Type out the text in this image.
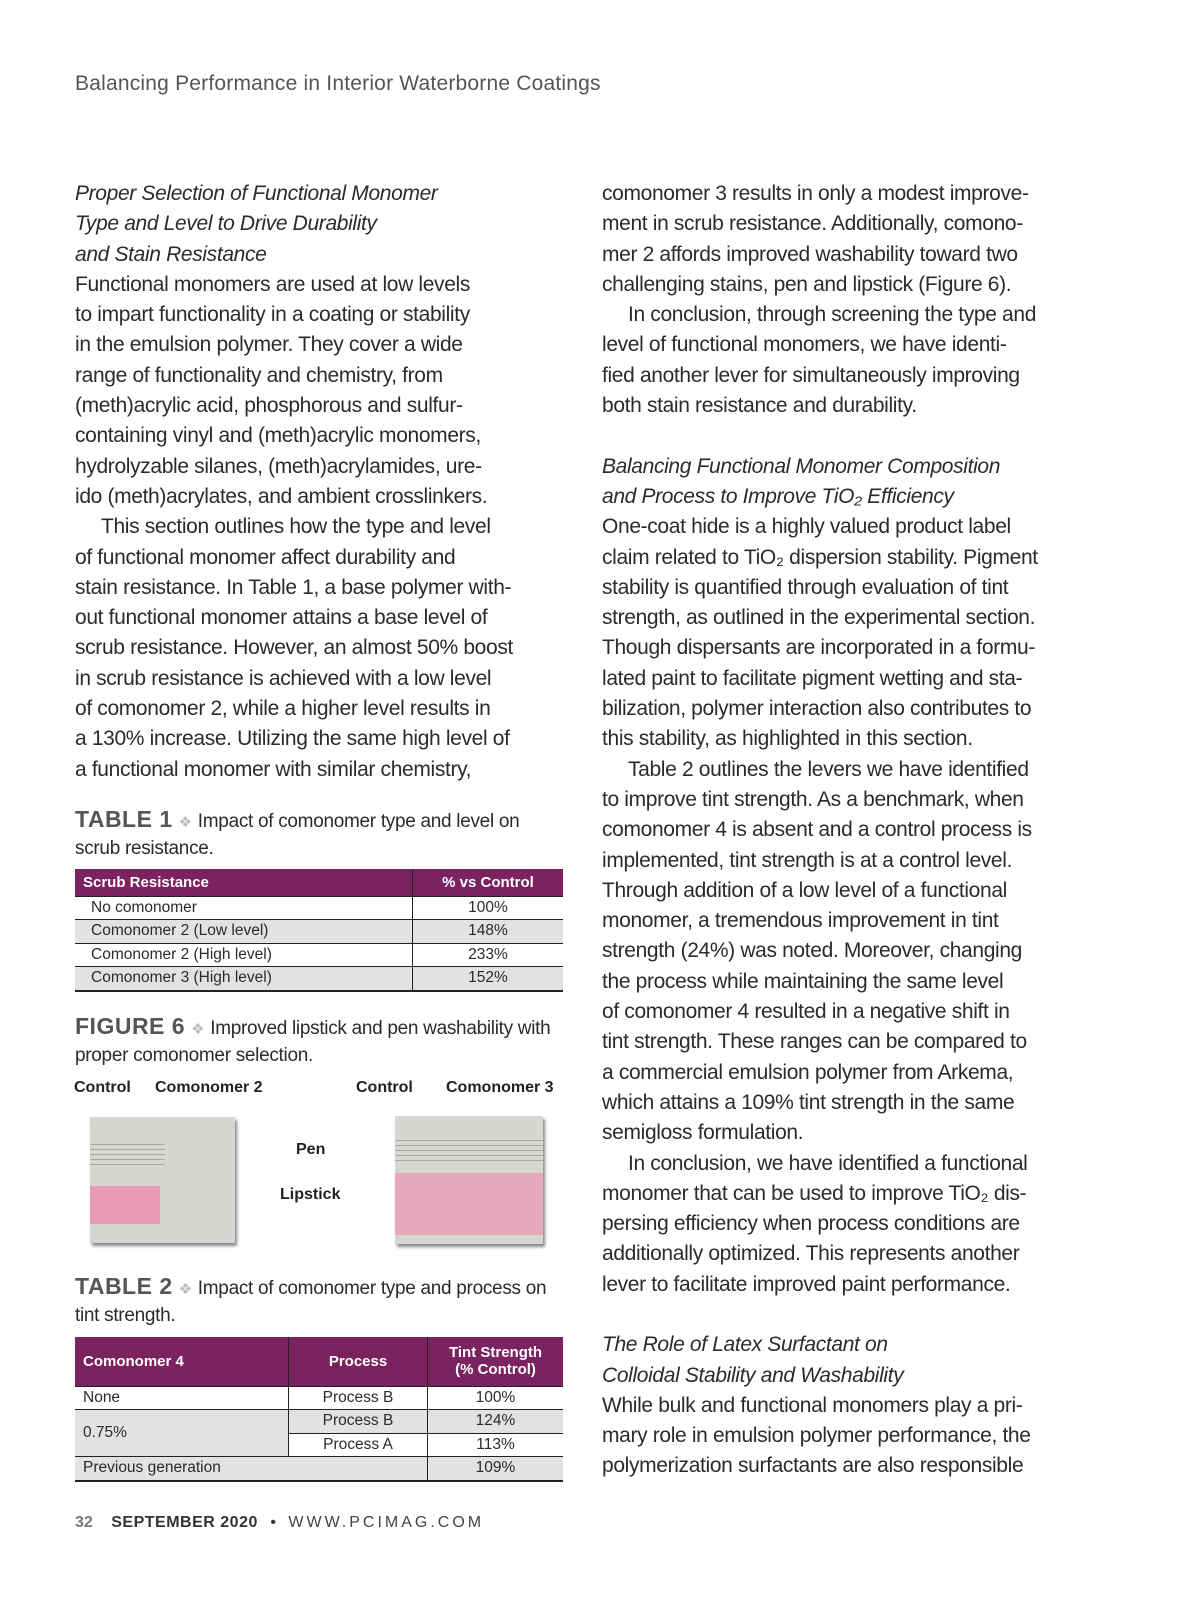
Balancing Performance in Interior Waterborne Coatings
Proper Selection of Functional Monomer
Type and Level to Drive Durability
and Stain Resistance
Functional monomers are used at low levels
to impart functionality in a coating or stability
in the emulsion polymer. They cover a wide
range of functionality and chemistry, from
(meth)acrylic acid, phosphorous and sulfur-
containing vinyl and (meth)acrylic monomers,
hydrolyzable silanes, (meth)acrylamides, ure-
ido (meth)acrylates, and ambient crosslinkers.
This section outlines how the type and level
of functional monomer affect durability and
stain resistance. In Table 1, a base polymer with-
out functional monomer attains a base level of
scrub resistance. However, an almost 50% boost
in scrub resistance is achieved with a low level
of comonomer 2, while a higher level results in
a 130% increase. Utilizing the same high level of
a functional monomer with similar chemistry,
comonomer 3 results in only a modest improve-
ment in scrub resistance. Additionally, comono-
mer 2 affords improved washability toward two
challenging stains, pen and lipstick (Figure 6).
In conclusion, through screening the type and
level of functional monomers, we have identi-
fied another lever for simultaneously improving
both stain resistance and durability.
Balancing Functional Monomer Composition
and Process to Improve TiO₂ Efficiency
One-coat hide is a highly valued product label
claim related to TiO₂ dispersion stability. Pigment
stability is quantified through evaluation of tint
strength, as outlined in the experimental section.
Though dispersants are incorporated in a formu-
lated paint to facilitate pigment wetting and sta-
bilization, polymer interaction also contributes to
this stability, as highlighted in this section.
Table 2 outlines the levers we have identified
to improve tint strength. As a benchmark, when
comonomer 4 is absent and a control process is
implemented, tint strength is at a control level.
Through addition of a low level of a functional
monomer, a tremendous improvement in tint
strength (24%) was noted. Moreover, changing
the process while maintaining the same level
of comonomer 4 resulted in a negative shift in
tint strength. These ranges can be compared to
a commercial emulsion polymer from Arkema,
which attains a 109% tint strength in the same
semigloss formulation.
In conclusion, we have identified a functional
monomer that can be used to improve TiO₂ dis-
persing efficiency when process conditions are
additionally optimized. This represents another
lever to facilitate improved paint performance.
The Role of Latex Surfactant on
Colloidal Stability and Washability
While bulk and functional monomers play a pri-
mary role in emulsion polymer performance, the
polymerization surfactants are also responsible
TABLE 1 ❖ Impact of comonomer type and level on scrub resistance.
Scrub Resistance	% vs Control
No comonomer	100%
Comonomer 2 (Low level)	148%
Comonomer 2 (High level)	233%
Comonomer 3 (High level)	152%
FIGURE 6 ❖ Improved lipstick and pen washability with proper comonomer selection.
Control Comonomer 2	Control Comonomer 3
Pen
Lipstick
TABLE 2 ❖ Impact of comonomer type and process on tint strength.
Comonomer 4	Process	Tint Strength
(% Control)
None	Process B	100%
0.75%	Process B	124%
	Process A	113%
Previous generation		109%
32 SEPTEMBER 2020 • WWW.PCIMAG.COM
